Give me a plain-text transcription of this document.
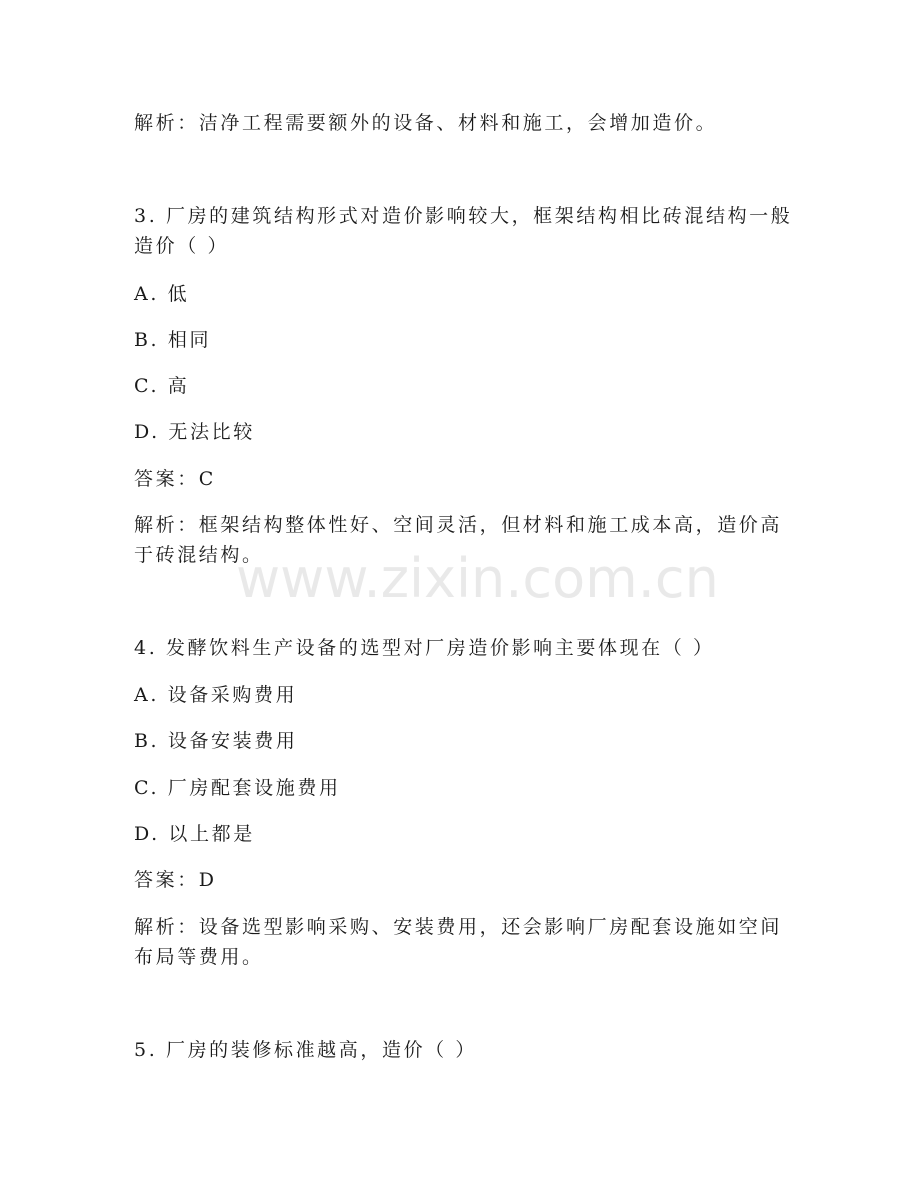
解析：洁净工程需要额外的设备、材料和施工，会增加造价。
3. 厂房的建筑结构形式对造价影响较大，框架结构相比砖混结构一般
造价（ ）
A. 低
B. 相同
C. 高
D. 无法比较
答案：C
解析：框架结构整体性好、空间灵活，但材料和施工成本高，造价高
于砖混结构。
4. 发酵饮料生产设备的选型对厂房造价影响主要体现在（ ）
A. 设备采购费用
B. 设备安装费用
C. 厂房配套设施费用
D. 以上都是
答案：D
解析：设备选型影响采购、安装费用，还会影响厂房配套设施如空间
布局等费用。
5. 厂房的装修标准越高，造价（ ）
www.zixin.com.cn
